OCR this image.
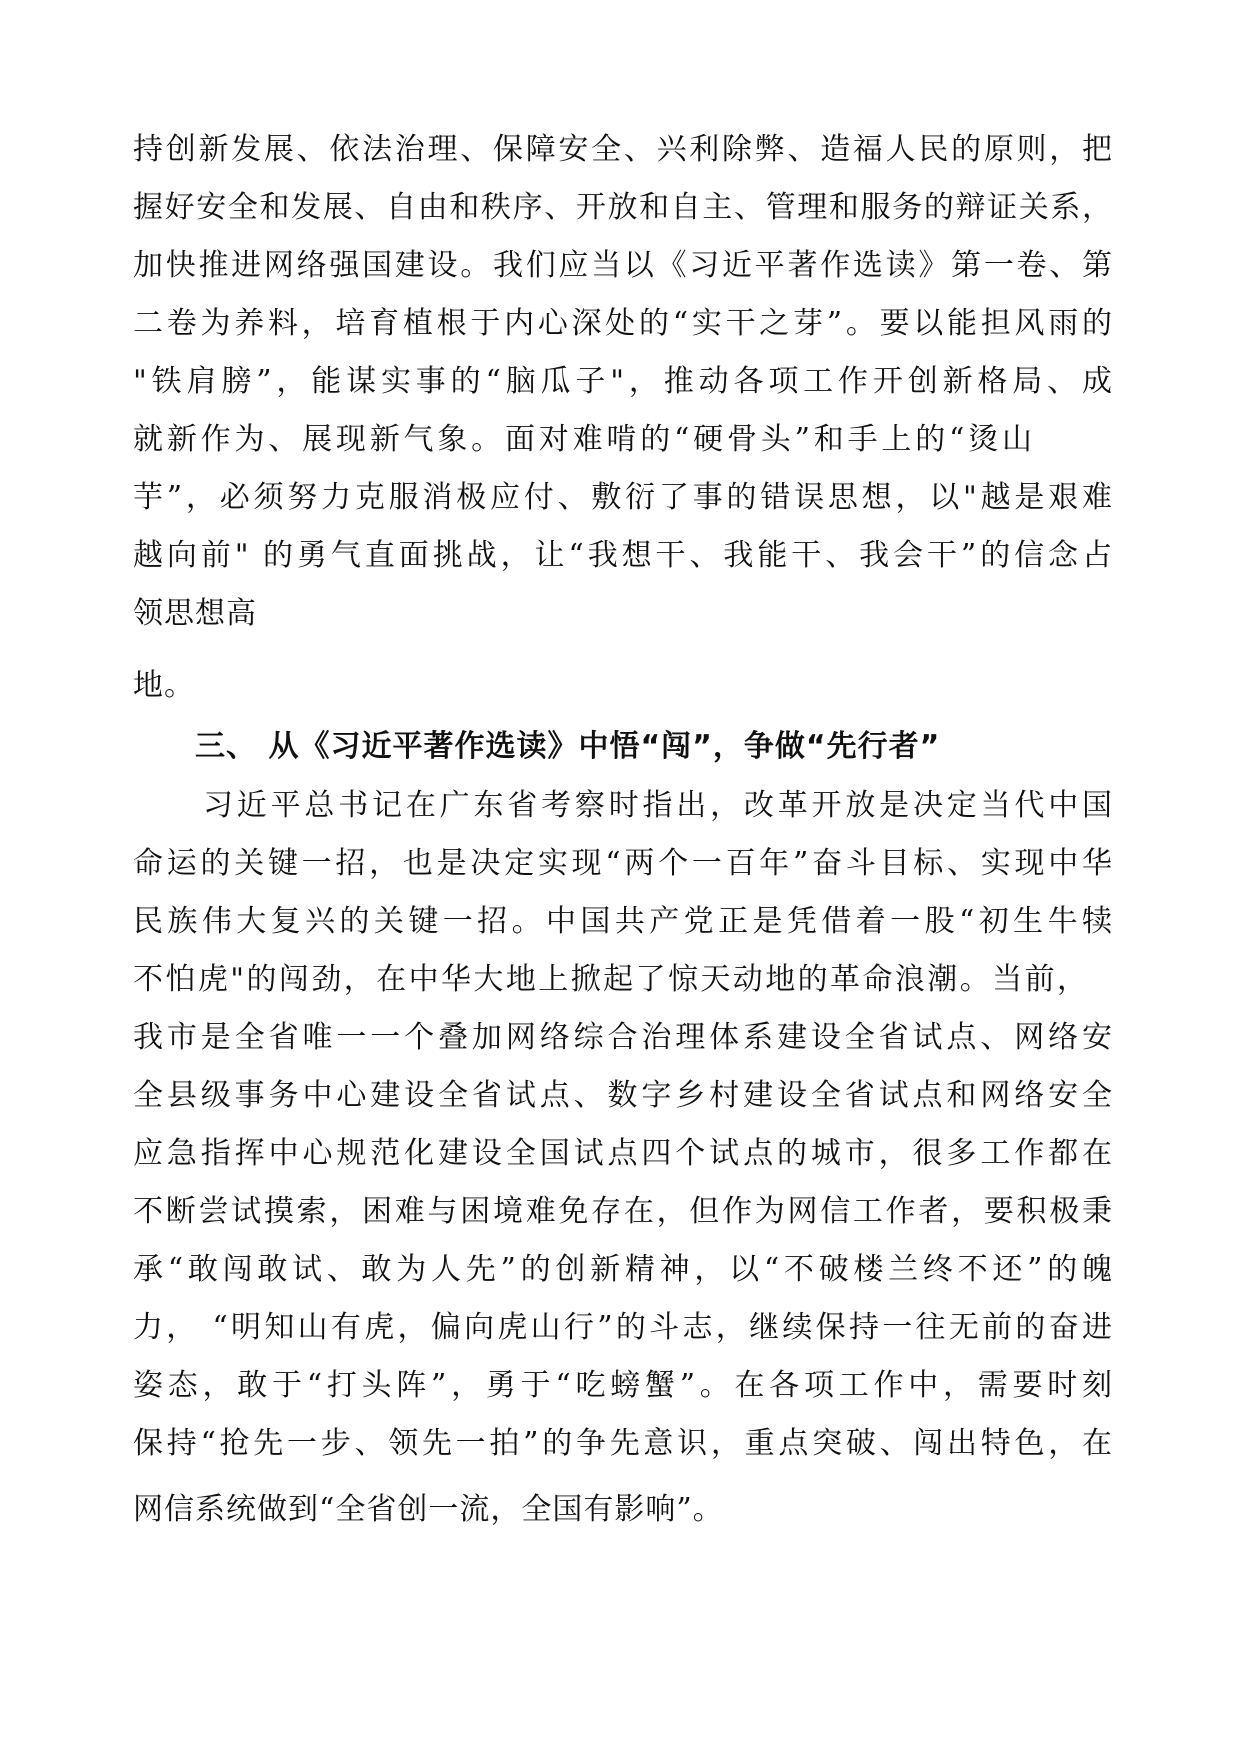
持创新发展、依法治理、保障安全、兴利除弊、造福人民的原则，把
握好安全和发展、自由和秩序、开放和自主、管理和服务的辩证关系，
加快推进网络强国建设。我们应当以《习近平著作选读》第一卷、第
二卷为养料，培育植根于内心深处的“实干之芽”。要以能担风雨的
"铁肩膀”，能谋实事的“脑瓜子"，推动各项工作开创新格局、成
就新作为、展现新气象。面对难啃的“硬骨头”和手上的“烫山
芋”，必须努力克服消极应付、敷衍了事的错误思想，以"越是艰难
越向前" 的勇气直面挑战，让“我想干、我能干、我会干”的信念占
领思想高
地。
三、 从《习近平著作选读》中悟“闯”，争做“先行者”
习近平总书记在广东省考察时指出，改革开放是决定当代中国
命运的关键一招，也是决定实现“两个一百年”奋斗目标、实现中华
民族伟大复兴的关键一招。中国共产党正是凭借着一股“初生牛犊
不怕虎"的闯劲，在中华大地上掀起了惊天动地的革命浪潮。当前，
我市是全省唯一一个叠加网络综合治理体系建设全省试点、网络安
全县级事务中心建设全省试点、数字乡村建设全省试点和网络安全
应急指挥中心规范化建设全国试点四个试点的城市，很多工作都在
不断尝试摸索，困难与困境难免存在，但作为网信工作者，要积极秉
承“敢闯敢试、敢为人先”的创新精神，以“不破楼兰终不还”的魄
力， “明知山有虎，偏向虎山行”的斗志，继续保持一往无前的奋进
姿态，敢于“打头阵”，勇于“吃螃蟹”。在各项工作中，需要时刻
保持“抢先一步、领先一拍”的争先意识，重点突破、闯出特色，在
网信系统做到“全省创一流，全国有影响”。
